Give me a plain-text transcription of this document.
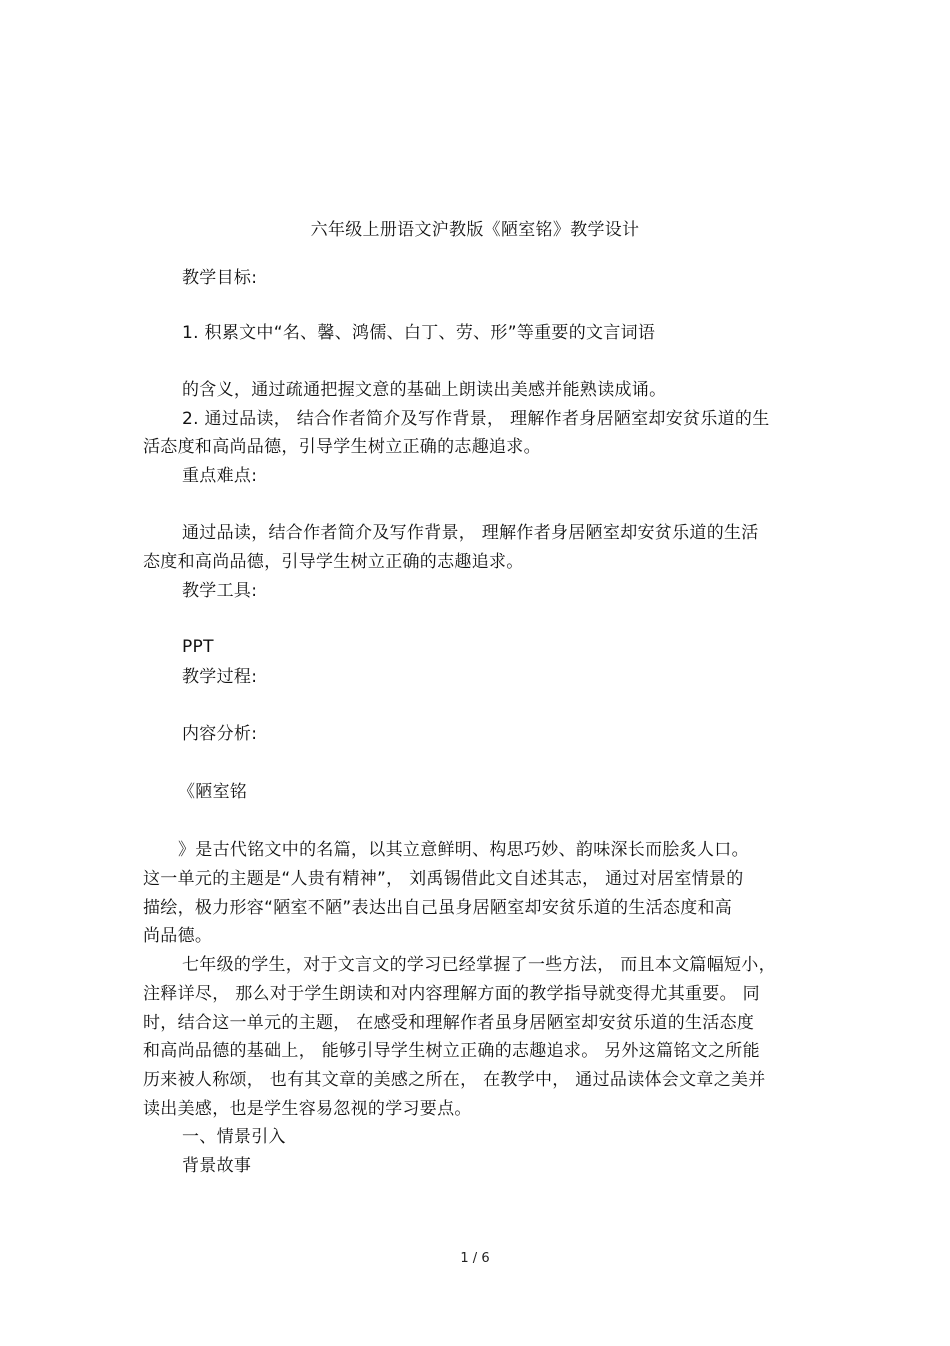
六年级上册语文沪教版《陋室铭》教学设计
教学目标:
1. 积累文中“名、馨、鸿儒、白丁、劳、形”等重要的文言词语
的含义，通过疏通把握文意的基础上朗读出美感并能熟读成诵。
2. 通过品读， 结合作者简介及写作背景， 理解作者身居陋室却安贫乐道的生
活态度和高尚品德，引导学生树立正确的志趣追求。
重点难点:
通过品读，结合作者简介及写作背景， 理解作者身居陋室却安贫乐道的生活
态度和高尚品德，引导学生树立正确的志趣追求。
教学工具:
PPT
教学过程:
内容分析:
《陋室铭
》是古代铭文中的名篇，以其立意鲜明、构思巧妙、韵味深长而脍炙人口。
这一单元的主题是“人贵有精神”， 刘禹锡借此文自述其志， 通过对居室情景的
描绘，极力形容“陋室不陋”表达出自己虽身居陋室却安贫乐道的生活态度和高
尚品德。
七年级的学生，对于文言文的学习已经掌握了一些方法， 而且本文篇幅短小，
注释详尽， 那么对于学生朗读和对内容理解方面的教学指导就变得尤其重要。 同
时，结合这一单元的主题， 在感受和理解作者虽身居陋室却安贫乐道的生活态度
和高尚品德的基础上， 能够引导学生树立正确的志趣追求。 另外这篇铭文之所能
历来被人称颂， 也有其文章的美感之所在， 在教学中， 通过品读体会文章之美并
读出美感，也是学生容易忽视的学习要点。
一、情景引入
背景故事
1 / 6
